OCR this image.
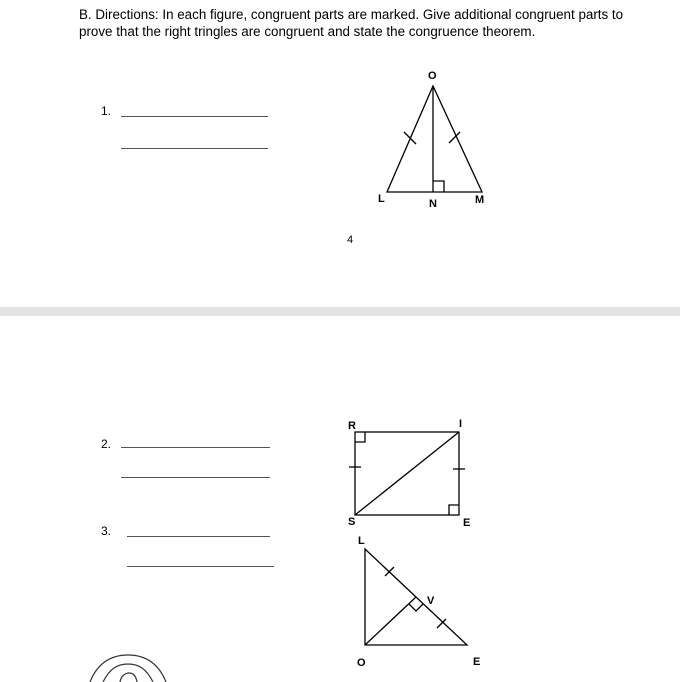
B. Directions: In each figure, congruent parts are marked. Give additional congruent parts to prove that the right tringles are congruent and state the congruence theorem.

1.
O
L	N	M
4
2.
3.
R	I
S	E
L
V
O	E
